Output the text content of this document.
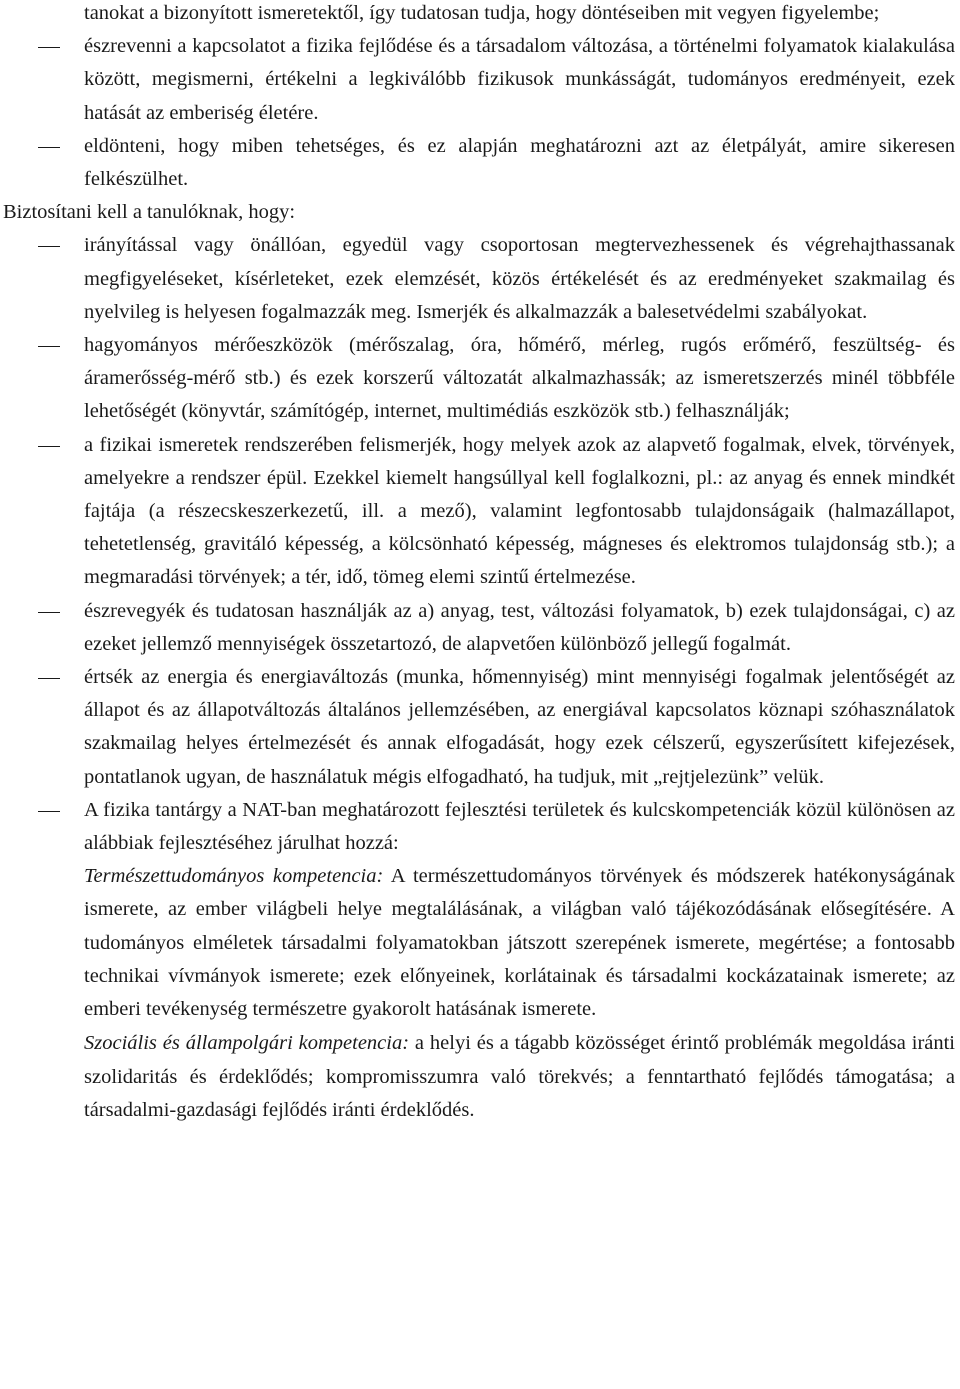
tanokat a bizonyított ismeretektől, így tudatosan tudja, hogy döntéseiben mit vegyen figyelembe;
észrevenni a kapcsolatot a fizika fejlődése és a társadalom változása, a történelmi folyamatok kialakulása között, megismerni, értékelni a legkiválóbb fizikusok munkásságát, tudományos eredményeit, ezek hatását az emberiség életére.
eldönteni, hogy miben tehetséges, és ez alapján meghatározni azt az életpályát, amire sikeresen felkészülhet.
Biztosítani kell a tanulóknak, hogy:
irányítással vagy önállóan, egyedül vagy csoportosan megtervezhessenek és végrehajthassanak megfigyeléseket, kísérleteket, ezek elemzését, közös értékelését és az eredményeket szakmailag és nyelvileg is helyesen fogalmazzák meg. Ismerjék és alkalmazzák a balesetvédelmi szabályokat.
hagyományos mérőeszközök (mérőszalag, óra, hőmérő, mérleg, rugós erőmérő, feszültség- és áramerősség-mérő stb.) és ezek korszerű változatát alkalmazhassák; az ismeretszerzés minél többféle lehetőségét (könyvtár, számítógép, internet, multimédiás eszközök stb.) felhasználják;
a fizikai ismeretek rendszerében felismerjék, hogy melyek azok az alapvető fogalmak, elvek, törvények, amelyekre a rendszer épül. Ezekkel kiemelt hangsúllyal kell foglalkozni, pl.: az anyag és ennek mindkét fajtája (a részecskeszerkezetű, ill. a mező), valamint legfontosabb tulajdonságaik (halmazállapot, tehetetlenség, gravitáló képesség, a kölcsönható képesség, mágneses és elektromos tulajdonság stb.); a megmaradási törvények; a tér, idő, tömeg elemi szintű értelmezése.
észrevegyék és tudatosan használják az a) anyag, test, változási folyamatok, b) ezek tulajdonságai, c) az ezeket jellemző mennyiségek összetartozó, de alapvetően különböző jellegű fogalmát.
értsék az energia és energiaváltozás (munka, hőmennyiség) mint mennyiségi fogalmak jelentőségét az állapot és az állapotváltozás általános jellemzésében, az energiával kapcsolatos köznapi szóhasználatok szakmailag helyes értelmezését és annak elfogadását, hogy ezek célszerű, egyszerűsített kifejezések, pontatlanok ugyan, de használatuk mégis elfogadható, ha tudjuk, mit „rejtjelezünk” velük.
A fizika tantárgy a NAT-ban meghatározott fejlesztési területek és kulcskompetenciák közül különösen az alábbiak fejlesztéséhez járulhat hozzá:
Természettudományos kompetencia: A természettudományos törvények és módszerek hatékonyságának ismerete, az ember világbeli helye megtalálásának, a világban való tájékozódásának elősegítésére. A tudományos elméletek társadalmi folyamatokban játszott szerepének ismerete, megértése; a fontosabb technikai vívmányok ismerete; ezek előnyeinek, korlátainak és társadalmi kockázatainak ismerete; az emberi tevékenység természetre gyakorolt hatásának ismerete.
Szociális és állampolgári kompetencia: a helyi és a tágabb közösséget érintő problémák megoldása iránti szolidaritás és érdeklődés; kompromisszumra való törekvés; a fenntartható fejlődés támogatása; a társadalmi-gazdasági fejlődés iránti érdeklődés.
